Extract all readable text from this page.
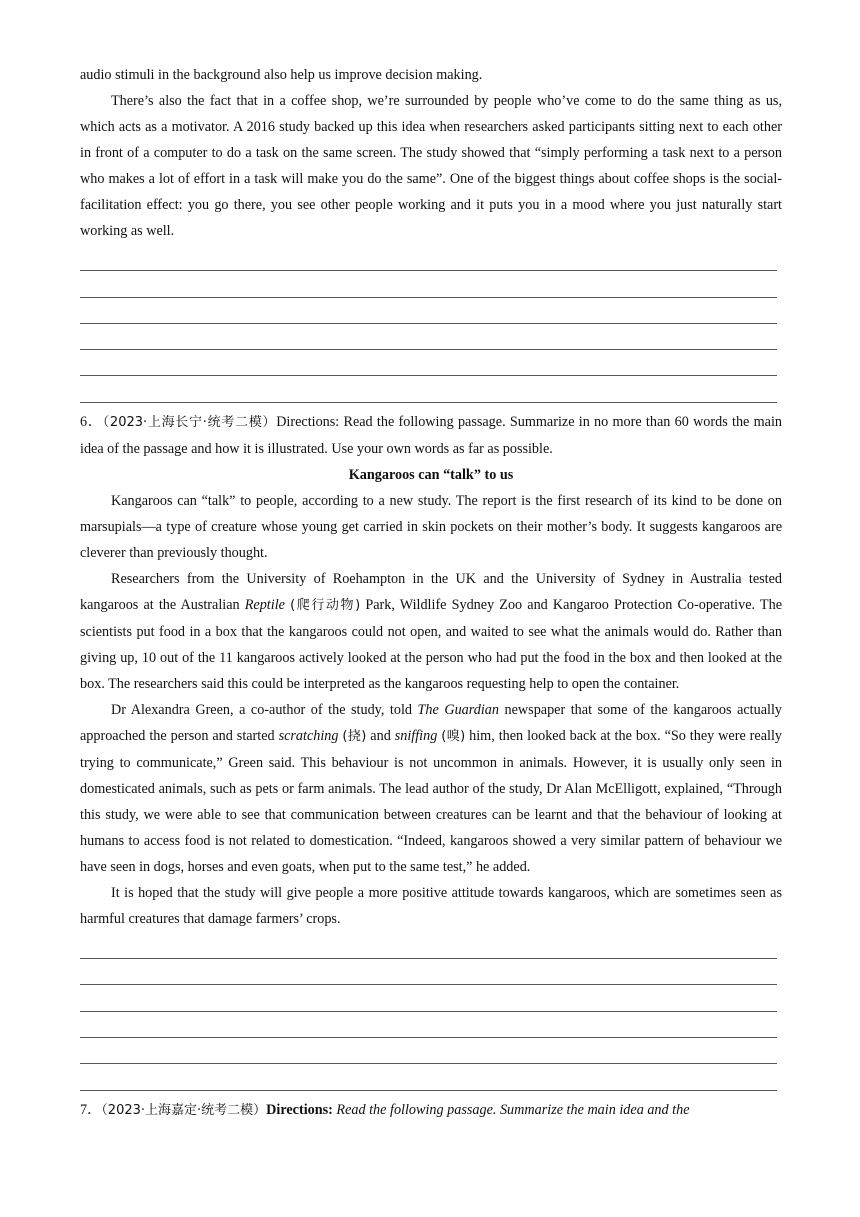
audio stimuli in the background also help us improve decision making.

There’s also the fact that in a coffee shop, we’re surrounded by people who’ve come to do the same thing as us, which acts as a motivator. A 2016 study backed up this idea when researchers asked participants sitting next to each other in front of a computer to do a task on the same screen. The study showed that “simply performing a task next to a person who makes a lot of effort in a task will make you do the same”. One of the biggest things about coffee shops is the social-facilitation effect: you go there, you see other people working and it puts you in a mood where you just naturally start working as well.

6．（2023·上海长宁·统考二模）Directions: Read the following passage. Summarize in no more than 60 words the main idea of the passage and how it is illustrated. Use your own words as far as possible.

Kangaroos can “talk” to us

Kangaroos can “talk” to people, according to a new study. The report is the first research of its kind to be done on marsupials—a type of creature whose young get carried in skin pockets on their mother’s body. It suggests kangaroos are cleverer than previously thought.

Researchers from the University of Roehampton in the UK and the University of Sydney in Australia tested kangaroos at the Australian Reptile (爬行动物) Park, Wildlife Sydney Zoo and Kangaroo Protection Co-operative. The scientists put food in a box that the kangaroos could not open, and waited to see what the animals would do. Rather than giving up, 10 out of the 11 kangaroos actively looked at the person who had put the food in the box and then looked at the box. The researchers said this could be interpreted as the kangaroos requesting help to open the container.

Dr Alexandra Green, a co-author of the study, told The Guardian newspaper that some of the kangaroos actually approached the person and started scratching (挠) and sniffing (嗅) him, then looked back at the box. “So they were really trying to communicate,” Green said. This behaviour is not uncommon in animals. However, it is usually only seen in domesticated animals, such as pets or farm animals. The lead author of the study, Dr Alan McElligott, explained, “Through this study, we were able to see that communication between creatures can be learnt and that the behaviour of looking at humans to access food is not related to domestication. “Indeed, kangaroos showed a very similar pattern of behaviour we have seen in dogs, horses and even goats, when put to the same test,” he added.

It is hoped that the study will give people a more positive attitude towards kangaroos, which are sometimes seen as harmful creatures that damage farmers’ crops.

7．（2023·上海嘉定·统考二模）Directions: Read the following passage. Summarize the main idea and the
